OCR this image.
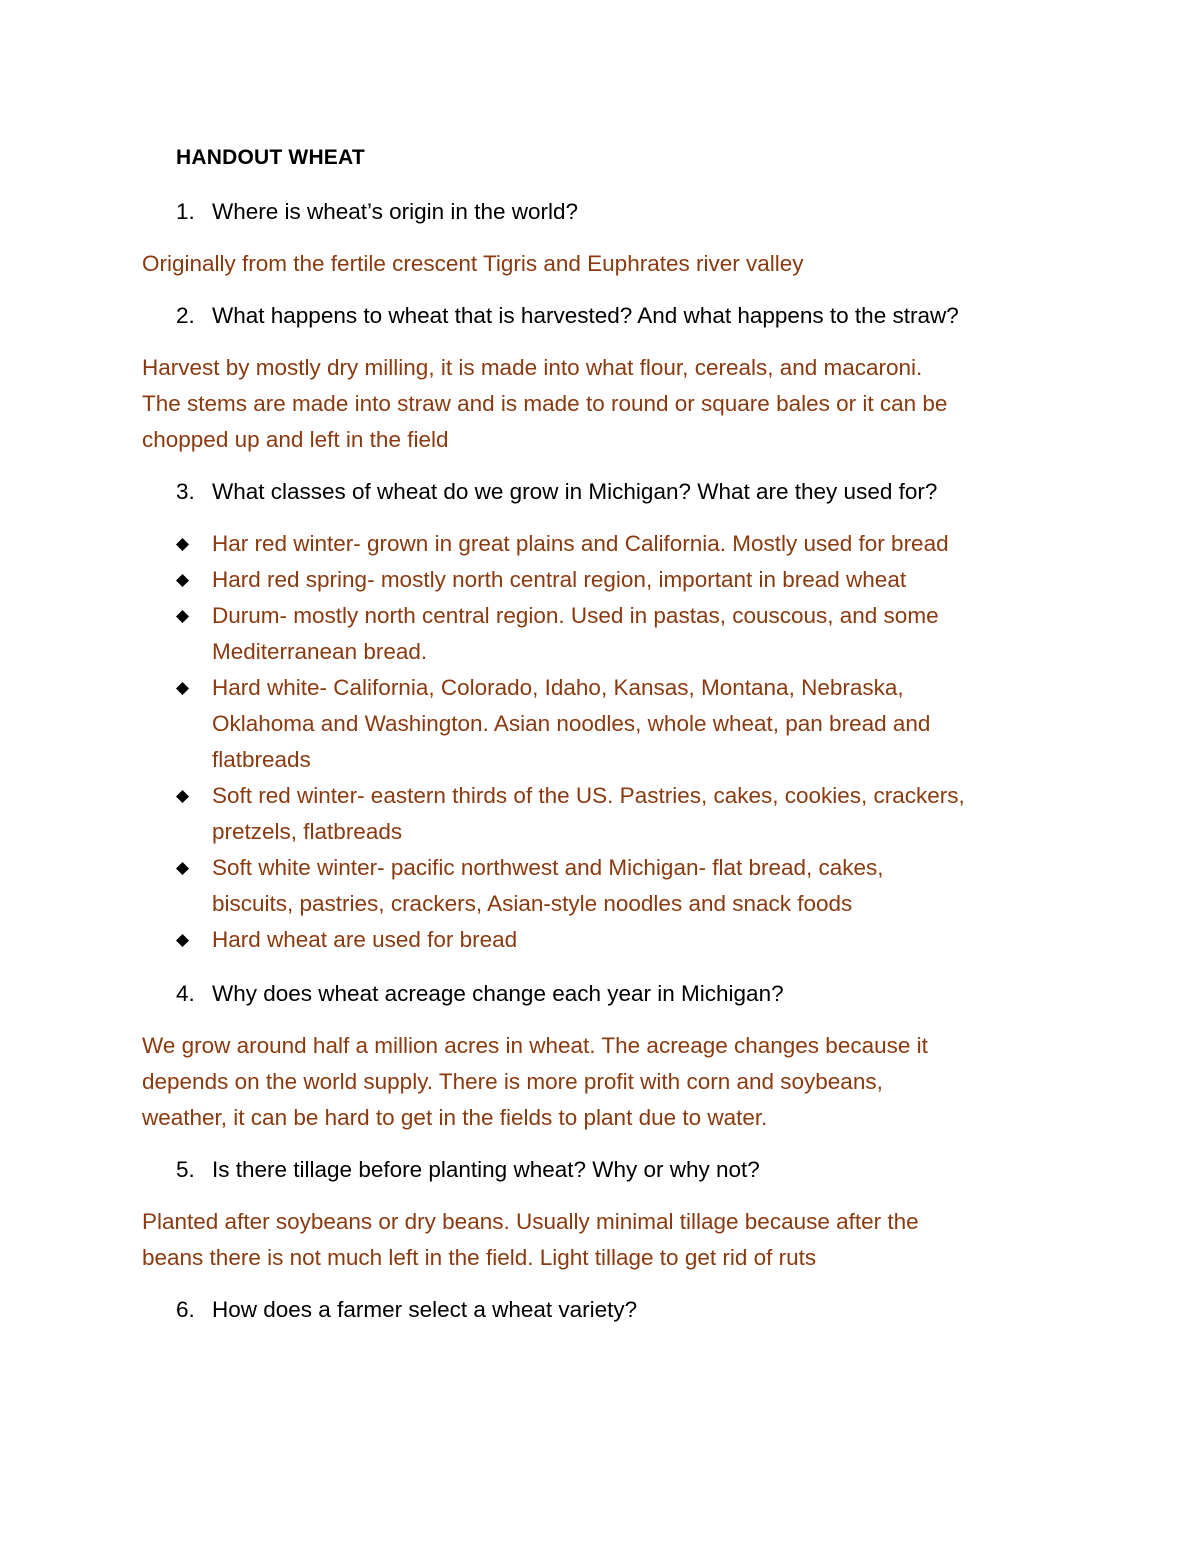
HANDOUT WHEAT
1. Where is wheat’s origin in the world?
Originally from the fertile crescent Tigris and Euphrates river valley
2. What happens to wheat that is harvested? And what happens to the straw?
Harvest by mostly dry milling, it is made into what flour, cereals, and macaroni.
The stems are made into straw and is made to round or square bales or it can be
chopped up and left in the field
3. What classes of wheat do we grow in Michigan? What are they used for?
Har red winter- grown in great plains and California. Mostly used for bread
Hard red spring- mostly north central region, important in bread wheat
Durum- mostly north central region. Used in pastas, couscous, and some
Mediterranean bread.
Hard white- California, Colorado, Idaho, Kansas, Montana, Nebraska,
Oklahoma and Washington. Asian noodles, whole wheat, pan bread and
flatbreads
Soft red winter- eastern thirds of the US. Pastries, cakes, cookies, crackers,
pretzels, flatbreads
Soft white winter- pacific northwest and Michigan- flat bread, cakes,
biscuits, pastries, crackers, Asian-style noodles and snack foods
Hard wheat are used for bread
4. Why does wheat acreage change each year in Michigan?
We grow around half a million acres in wheat. The acreage changes because it
depends on the world supply. There is more profit with corn and soybeans,
weather, it can be hard to get in the fields to plant due to water.
5. Is there tillage before planting wheat? Why or why not?
Planted after soybeans or dry beans. Usually minimal tillage because after the
beans there is not much left in the field. Light tillage to get rid of ruts
6. How does a farmer select a wheat variety?
